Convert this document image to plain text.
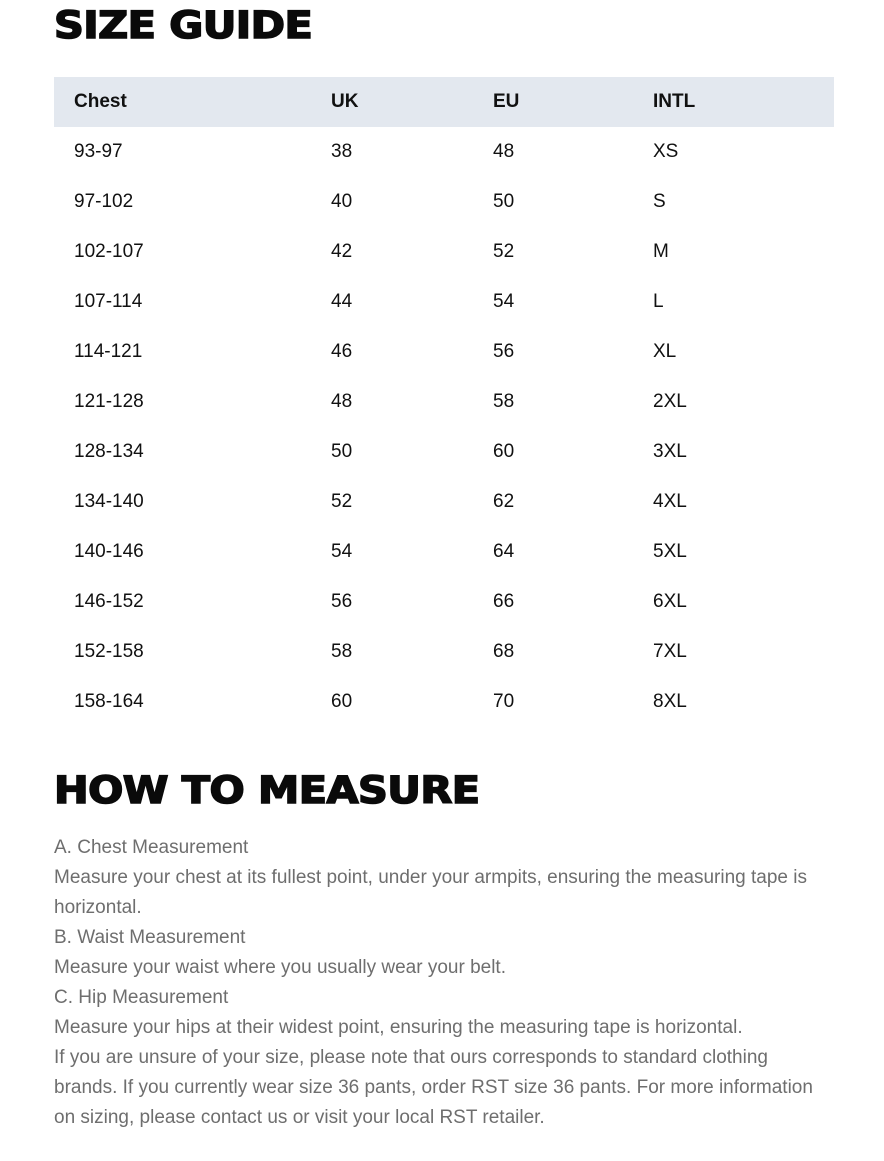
SIZE GUIDE
Chest	UK	EU	INTL
93-97	38	48	XS
97-102	40	50	S
102-107	42	52	M
107-114	44	54	L
114-121	46	56	XL
121-128	48	58	2XL
128-134	50	60	3XL
134-140	52	62	4XL
140-146	54	64	5XL
146-152	56	66	6XL
152-158	58	68	7XL
158-164	60	70	8XL
HOW TO MEASURE

A. Chest Measurement

Measure your chest at its fullest point, under your armpits, ensuring the measuring tape is horizontal.

B. Waist Measurement

Measure your waist where you usually wear your belt.

C. Hip Measurement

Measure your hips at their widest point, ensuring the measuring tape is horizontal.

If you are unsure of your size, please note that ours corresponds to standard clothing brands. If you currently wear size 36 pants, order RST size 36 pants. For more information on sizing, please contact us or visit your local RST retailer.
